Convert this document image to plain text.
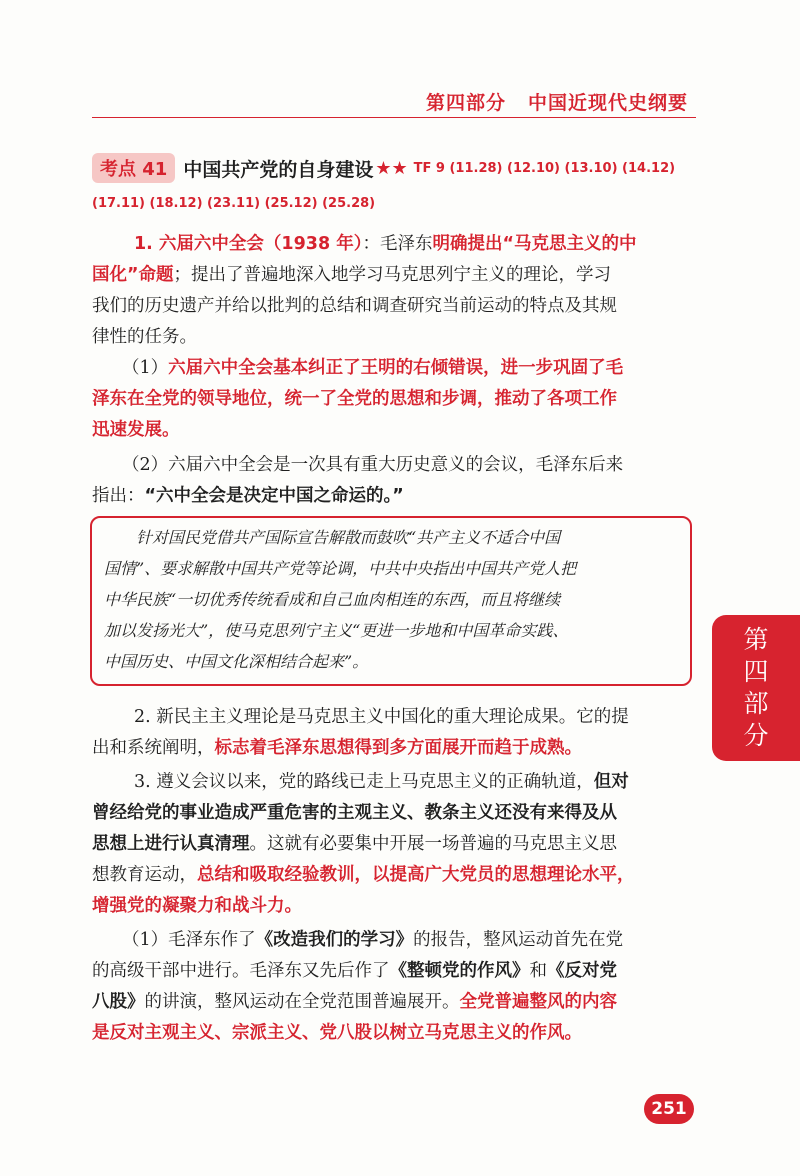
第四部分 中国近现代史纲要
考点 41 中国共产党的自身建设 ★★ TF 9 (11.28) (12.10) (13.10) (14.12)
(17.11) (18.12) (23.11) (25.12) (25.28)
1. 六届六中全会（1938 年）：毛泽东明确提出“马克思主义的中
国化”命题；提出了普遍地深入地学习马克思列宁主义的理论，学习
我们的历史遗产并给以批判的总结和调查研究当前运动的特点及其规
律性的任务。
（1）六届六中全会基本纠正了王明的右倾错误，进一步巩固了毛
泽东在全党的领导地位，统一了全党的思想和步调，推动了各项工作
迅速发展。
（2）六届六中全会是一次具有重大历史意义的会议，毛泽东后来
指出：“六中全会是决定中国之命运的。”
针对国民党借共产国际宣告解散而鼓吹“共产主义不适合中国
国情”、要求解散中国共产党等论调，中共中央指出中国共产党人把
中华民族“一切优秀传统看成和自己血肉相连的东西，而且将继续
加以发扬光大”，使马克思列宁主义“更进一步地和中国革命实践、
中国历史、中国文化深相结合起来”。
2. 新民主主义理论是马克思主义中国化的重大理论成果。它的提
出和系统阐明，标志着毛泽东思想得到多方面展开而趋于成熟。
3. 遵义会议以来，党的路线已走上马克思主义的正确轨道，但对
曾经给党的事业造成严重危害的主观主义、教条主义还没有来得及从
思想上进行认真清理。这就有必要集中开展一场普遍的马克思主义思
想教育运动，总结和吸取经验教训，以提高广大党员的思想理论水平，
增强党的凝聚力和战斗力。
（1）毛泽东作了《改造我们的学习》的报告，整风运动首先在党
的高级干部中进行。毛泽东又先后作了《整顿党的作风》和《反对党
八股》的讲演，整风运动在全党范围普遍展开。全党普遍整风的内容
是反对主观主义、宗派主义、党八股以树立马克思主义的作风。
第
四
部
分
251
